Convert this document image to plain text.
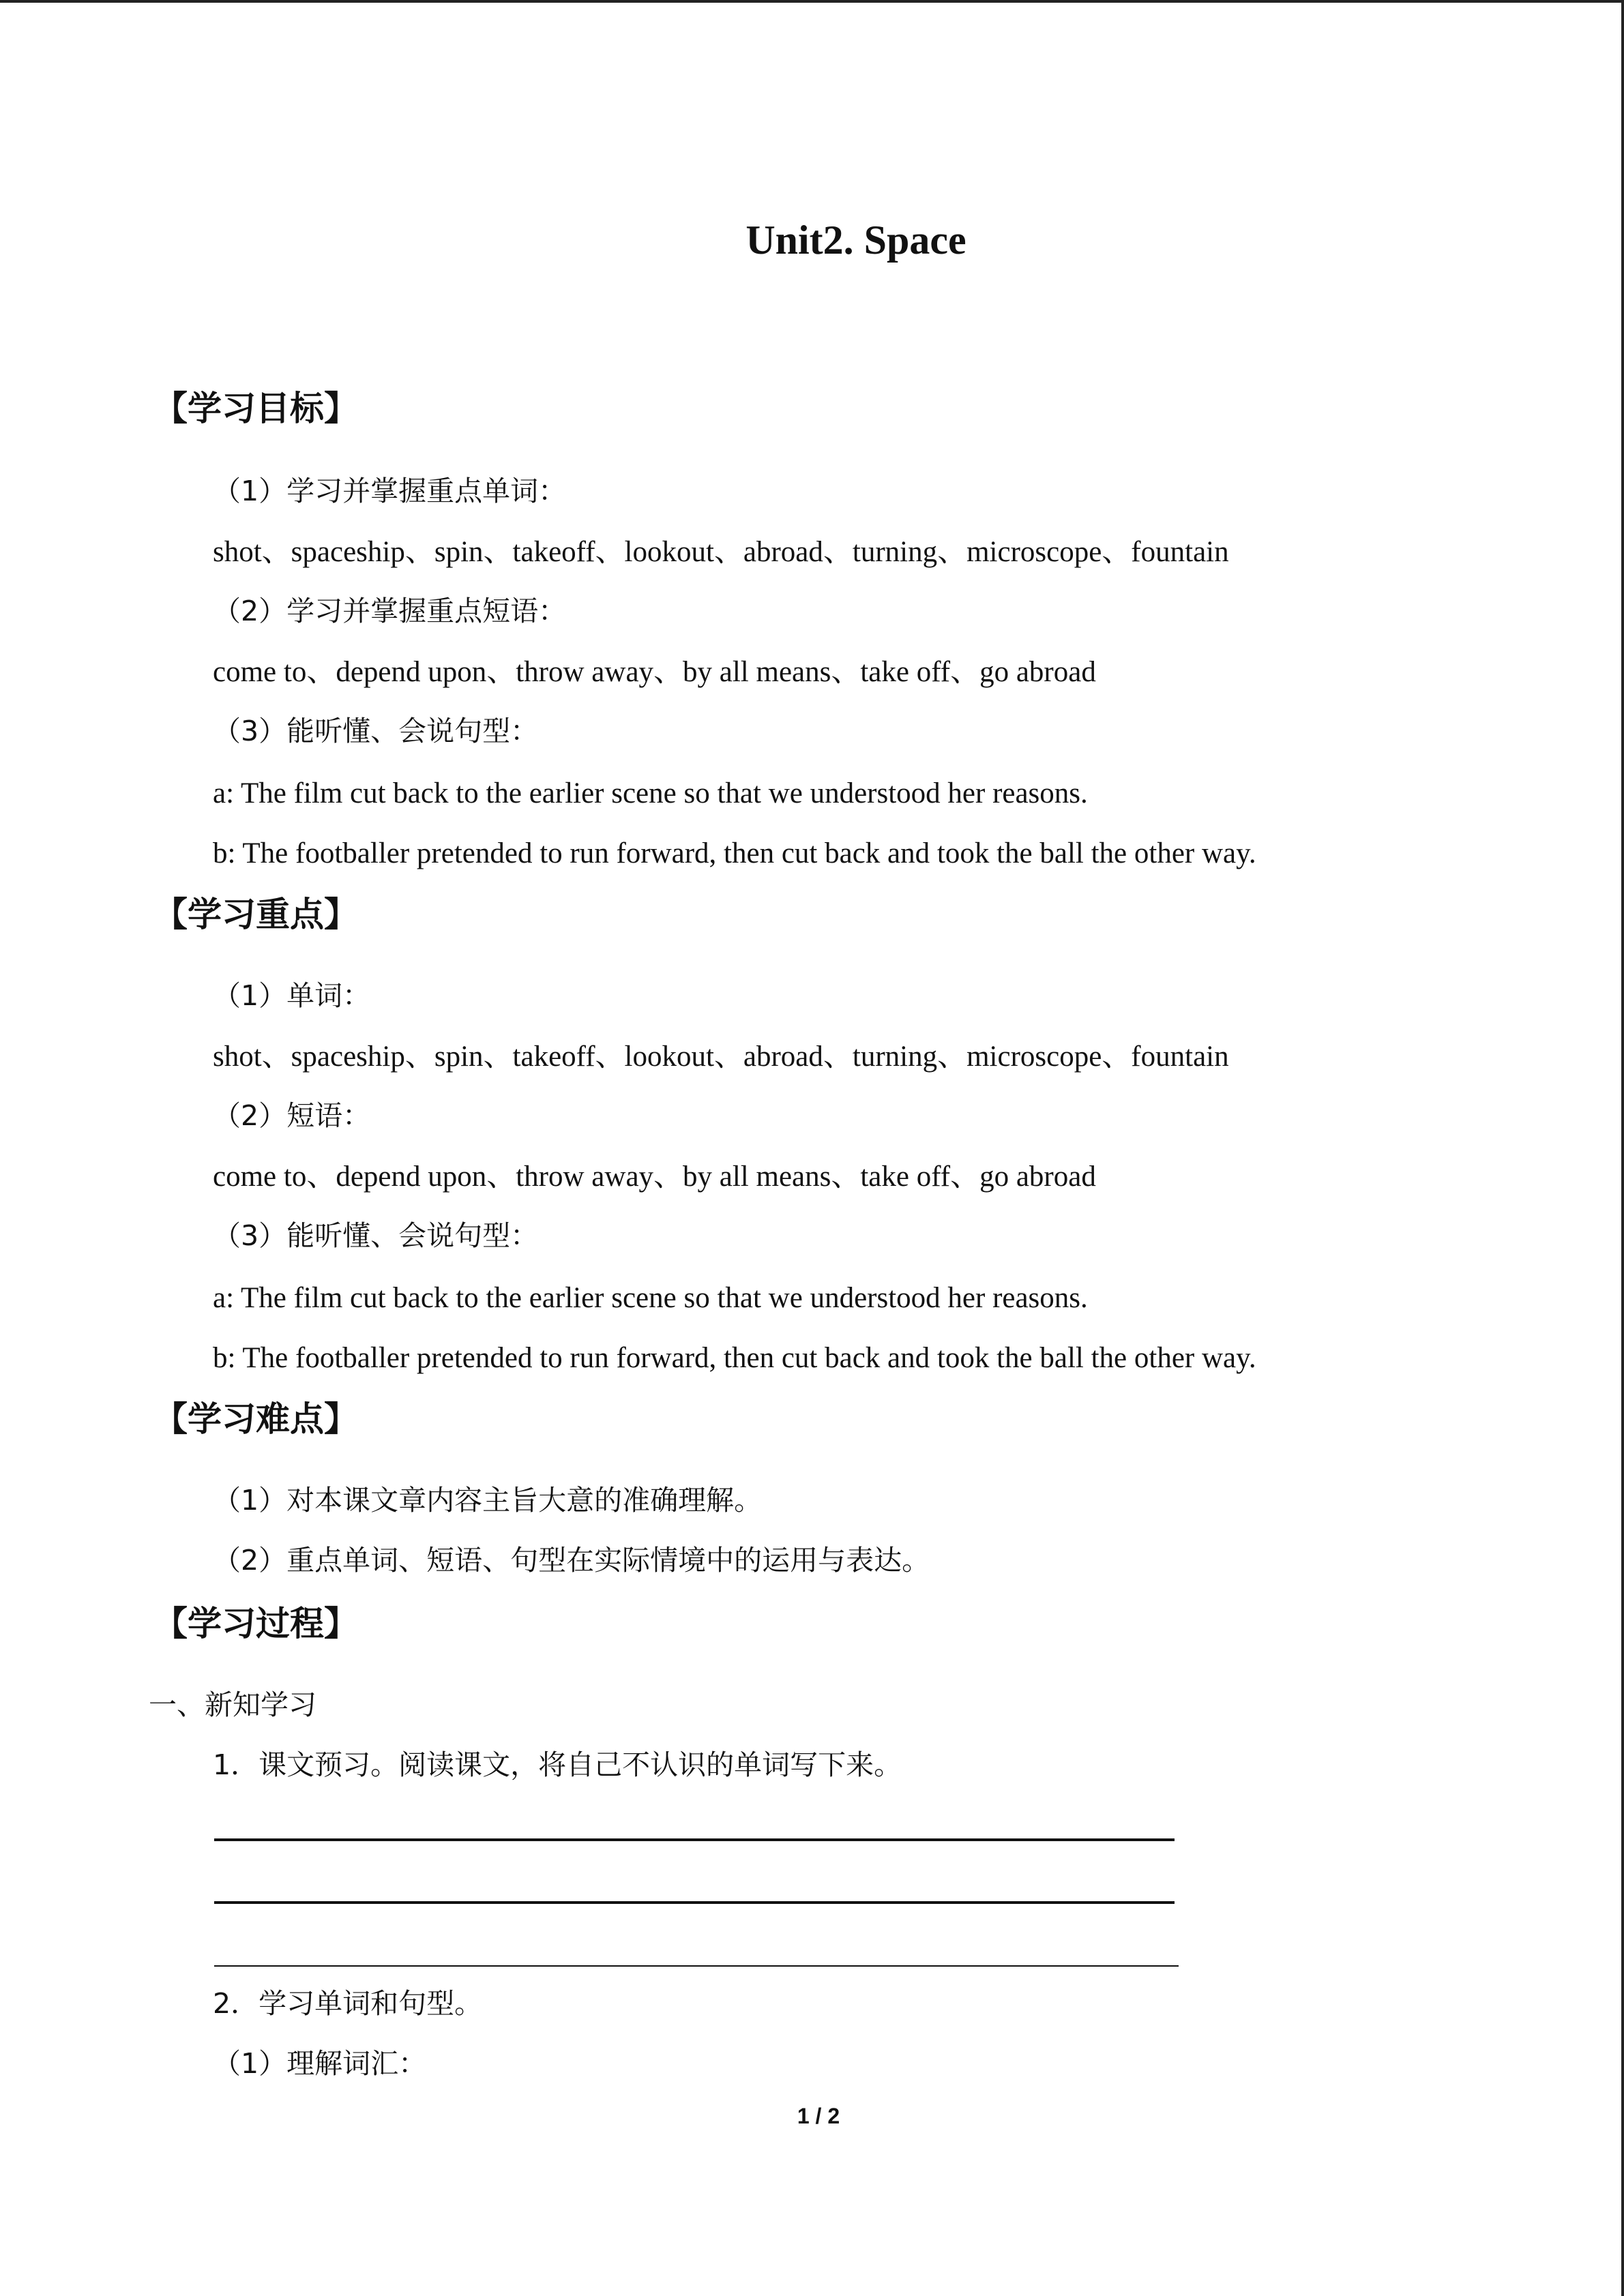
Unit2. Space
【学习目标】
（1）学习并掌握重点单词：
shot、spaceship、spin、takeoff、lookout、abroad、turning、microscope、fountain
（2）学习并掌握重点短语：
come to、depend upon、throw away、by all means、take off、go abroad
（3）能听懂、会说句型：
a: The film cut back to the earlier scene so that we understood her reasons.
b: The footballer pretended to run forward, then cut back and took the ball the other way.
【学习重点】
（1）单词：
shot、spaceship、spin、takeoff、lookout、abroad、turning、microscope、fountain
（2）短语：
come to、depend upon、throw away、by all means、take off、go abroad
（3）能听懂、会说句型：
a: The film cut back to the earlier scene so that we understood her reasons.
b: The footballer pretended to run forward, then cut back and took the ball the other way.
【学习难点】
（1）对本课文章内容主旨大意的准确理解。
（2）重点单词、短语、句型在实际情境中的运用与表达。
【学习过程】
一、新知学习
1．课文预习。阅读课文，将自己不认识的单词写下来。
2．学习单词和句型。
（1）理解词汇：
1 / 2
